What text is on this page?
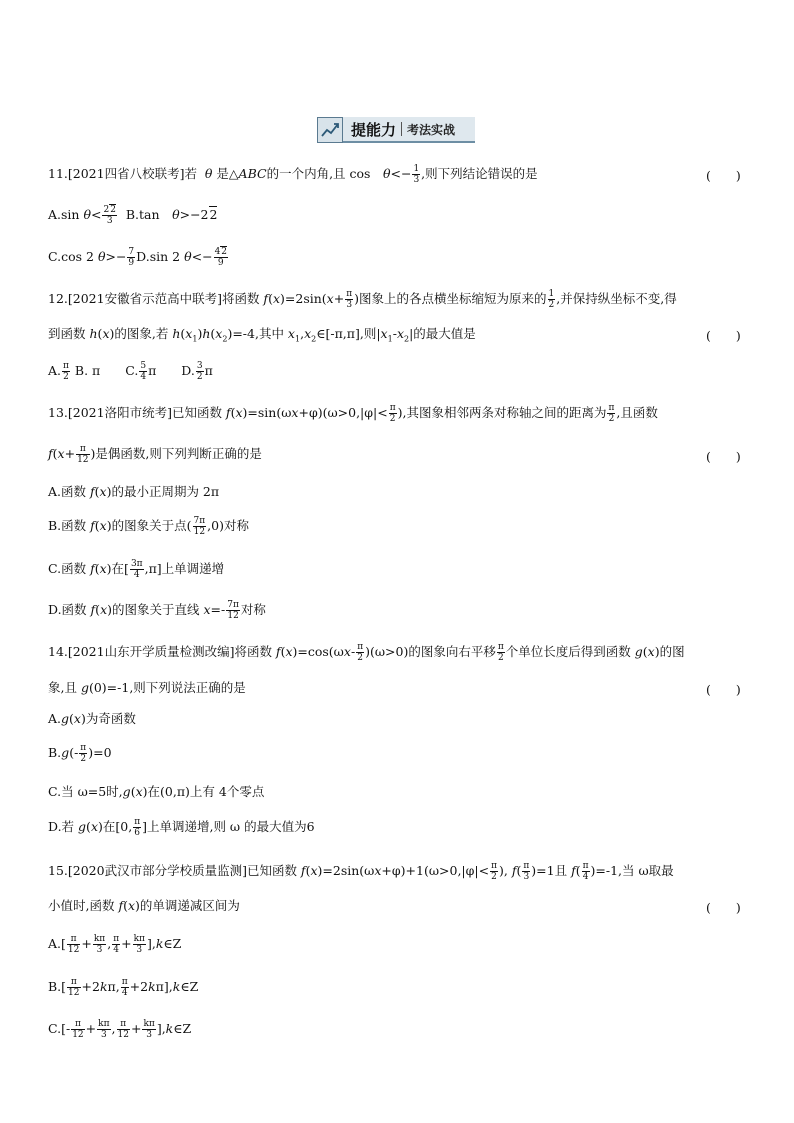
提能力 考法实战
11.[2021四省八校联考]若  θ 是△ABC的一个内角,且 cos　$\theta<- \frac{1}{3}$ ,则下列结论错误的是	(　　)
A.sin $\theta< \frac{22}{3} B.\tan$　θ>−22
C.cos 2 $\theta>- \frac{7}{9} D.\sin$ 2 $\theta<- \frac{42}{9}$
12.[2021安徽省示范高中联考]将函数 $f(x)=2\sin(x+ \frac{\pi}{3}$ )图象上的各点横坐标缩短为原来的 $\frac{1}{2}$ ,并保持纵坐标不变,得
到函数 h(x)的图象,若 $h(x_1)h(x_2)=-4$,其中 $x_1,x_2\in[-\pi,\pi]$,则$|x_1-x_2|$的最大值是	(　　)
A. $\frac{\pi}{2} B$. π　　C. $\frac{5}{4}$ π　　D. $\frac{3}{2}$ π
13.[2021洛阳市统考]已知函数 $f(x)=\sin(\omega x+\varphi)(\omega>0,|\varphi|< \frac{\pi}{2}$ ),其图象相邻两条对称轴之间的距离为 $\frac{\pi}{2}$ ,且函数
$f(x+ \frac{\pi}{12}$ )是偶函数,则下列判断正确的是	(　　)
A.函数 f(x)的最小正周期为 2π
B.函数 f(x)的图象关于点( $\frac{7\pi}{12} ,0$)对称
C.函数 f(x)在[ $\frac{3\pi}{4} ,\pi$]上单调递增
D.函数 f(x)的图象关于直线 $x=- \frac{7\pi}{12}$ 对称
14.[2021山东开学质量检测改编]将函数 $f(x)=\cos(\omega x- \frac{\pi}{2} )(\omega>0)$的图象向右平移 $\frac{\pi}{2}$ 个单位长度后得到函数 g(x)的图
象,且 g(0)=-1,则下列说法正确的是	(　　)
A.g(x)为奇函数
$B.g(- \frac{\pi}{2} )=0$
C.当 ω=5时,g(x)在(0,π)上有 4个零点
D.若 g(x)在[0, $\frac{\pi}{6}$ ]上单调递增,则 ω 的最大值为6
15.[2020武汉市部分学校质量监测]已知函数 $f(x)=2\sin(\omega x+\varphi)+1(\omega>0,|\varphi|< \frac{\pi}{2}$ ), $f( \frac{\pi}{3} )=1$且 $f( \frac{\pi}{4} )=-1$,当 ω取最
小值时,函数 f(x)的单调递减区间为	(　　)
$A.[ \frac{\pi}{12} + \frac{k\pi}{3}$ , $\frac{\pi}{4} + \frac{k\pi}{3}$ ],k∈Z
$B.[ \frac{\pi}{12} +2k\pi$, $\frac{\pi}{4}$ +2kπ],k∈Z
$C.[- \frac{\pi}{12} + \frac{k\pi}{3}$ , $\frac{\pi}{12} + \frac{k\pi}{3}$ ],k∈Z
